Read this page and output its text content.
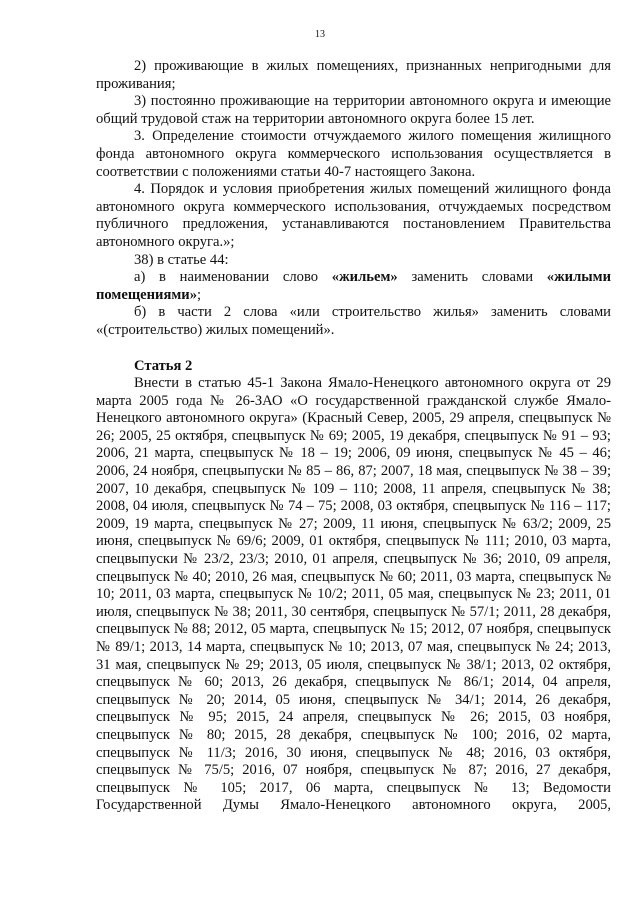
13

2) проживающие в жилых помещениях, признанных непригодными для проживания;

3) постоянно проживающие на территории автономного округа и имеющие общий трудовой стаж на территории автономного округа более 15 лет.

3. Определение стоимости отчуждаемого жилого помещения жилищного фонда автономного округа коммерческого использования осуществляется в соответствии с положениями статьи 40-7 настоящего Закона.

4. Порядок и условия приобретения жилых помещений жилищного фонда автономного округа коммерческого использования, отчуждаемых посредством публичного предложения, устанавливаются постановлением Правительства автономного округа.»;

38) в статье 44:

а) в наименовании слово «жильем» заменить словами «жилыми помещениями»;

б) в части 2 слова «или строительство жилья» заменить словами «(строительство) жилых помещений».

Статья 2

Внести в статью 45-1 Закона Ямало-Ненецкого автономного округа от 29 марта 2005 года № 26-ЗАО «О государственной гражданской службе Ямало-Ненецкого автономного округа» (Красный Север, 2005, 29 апреля, спецвыпуск № 26; 2005, 25 октября, спецвыпуск № 69; 2005, 19 декабря, спецвыпуск № 91 – 93; 2006, 21 марта, спецвыпуск № 18 – 19; 2006, 09 июня, спецвыпуск № 45 – 46; 2006, 24 ноября, спецвыпуски № 85 – 86, 87; 2007, 18 мая, спецвыпуск № 38 – 39; 2007, 10 декабря, спецвыпуск № 109 – 110; 2008, 11 апреля, спецвыпуск № 38; 2008, 04 июля, спецвыпуск № 74 – 75; 2008, 03 октября, спецвыпуск № 116 – 117; 2009, 19 марта, спецвыпуск № 27; 2009, 11 июня, спецвыпуск № 63/2; 2009, 25 июня, спецвыпуск № 69/6; 2009, 01 октября, спецвыпуск № 111; 2010, 03 марта, спецвыпуски № 23/2, 23/3; 2010, 01 апреля, спецвыпуск № 36; 2010, 09 апреля, спецвыпуск № 40; 2010, 26 мая, спецвыпуск № 60; 2011, 03 марта, спецвыпуск № 10; 2011, 03 марта, спецвыпуск № 10/2; 2011, 05 мая, спецвыпуск № 23; 2011, 01 июля, спецвыпуск № 38; 2011, 30 сентября, спецвыпуск № 57/1; 2011, 28 декабря, спецвыпуск № 88; 2012, 05 марта, спецвыпуск № 15; 2012, 07 ноября, спецвыпуск № 89/1; 2013, 14 марта, спецвыпуск № 10; 2013, 07 мая, спецвыпуск № 24; 2013, 31 мая, спецвыпуск № 29; 2013, 05 июля, спецвыпуск № 38/1; 2013, 02 октября, спецвыпуск № 60; 2013, 26 декабря, спецвыпуск № 86/1; 2014, 04 апреля, спецвыпуск № 20; 2014, 05 июня, спецвыпуск № 34/1; 2014, 26 декабря, спецвыпуск № 95; 2015, 24 апреля, спецвыпуск № 26; 2015, 03 ноября, спецвыпуск № 80; 2015, 28 декабря, спецвыпуск № 100; 2016, 02 марта, спецвыпуск № 11/3; 2016, 30 июня, спецвыпуск № 48; 2016, 03 октября, спецвыпуск № 75/5; 2016, 07 ноября, спецвыпуск № 87; 2016, 27 декабря, спецвыпуск № 105; 2017, 06 марта, спецвыпуск № 13; Ведомости Государственной Думы Ямало-Ненецкого автономного округа, 2005,
